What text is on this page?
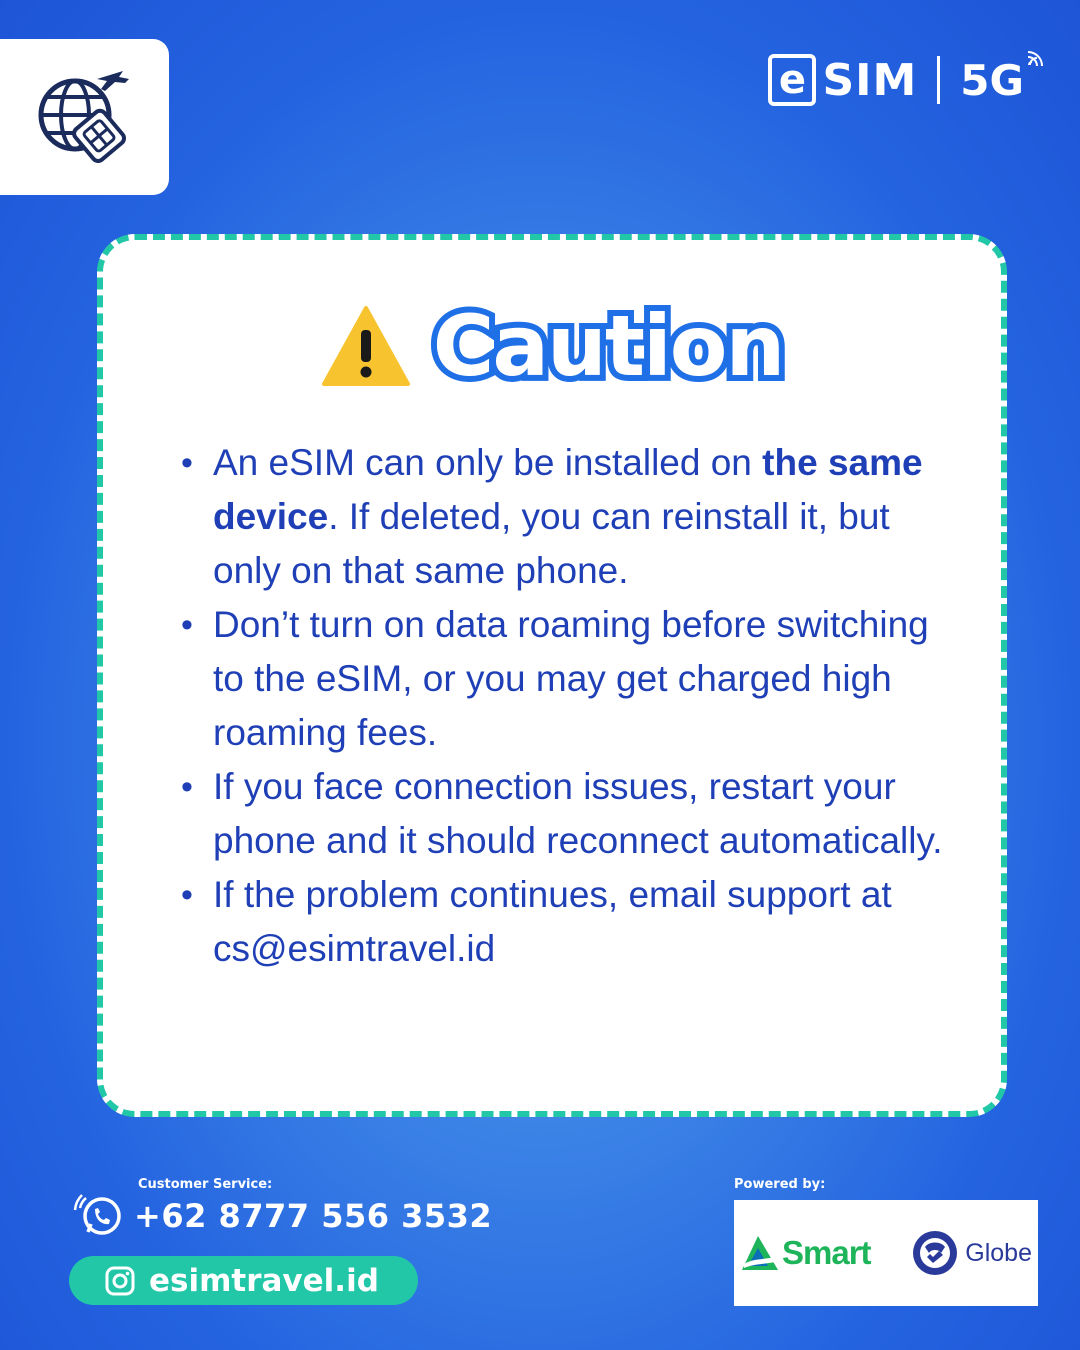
e SIM 5G
Caution
• An eSIM can only be installed on the same device. If deleted, you can reinstall it, but only on that same phone.
• Don’t turn on data roaming before switching to the eSIM, or you may get charged high roaming fees.
• If you face connection issues, restart your phone and it should reconnect automatically.
• If the problem continues, email support at cs@esimtravel.id
Customer Service:
+62 8777 556 3532
esimtravel.id
Powered by:
Smart	Globe
